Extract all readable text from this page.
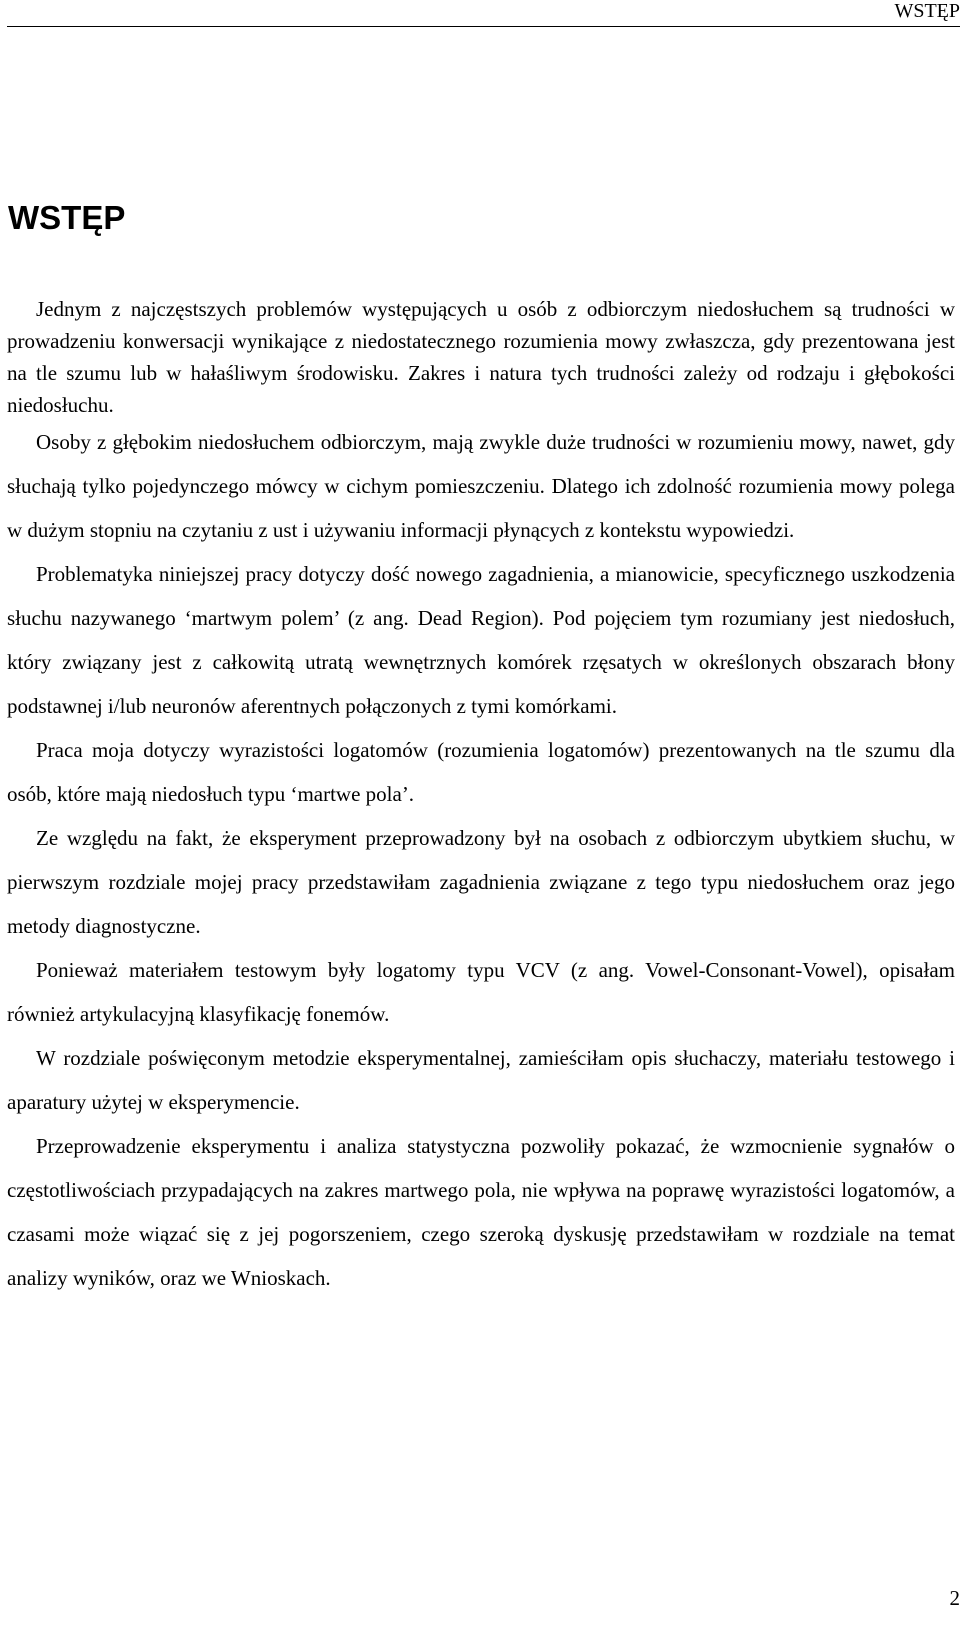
WSTĘP
WSTĘP

Jednym z najczęstszych problemów występujących u osób z odbiorczym niedosłuchem są trudności w prowadzeniu konwersacji wynikające z niedostatecznego rozumienia mowy zwłaszcza, gdy prezentowana jest na tle szumu lub w hałaśliwym środowisku. Zakres i natura tych trudności zależy od rodzaju i głębokości niedosłuchu.

Osoby z głębokim niedosłuchem odbiorczym, mają zwykle duże trudności w rozumieniu mowy, nawet, gdy słuchają tylko pojedynczego mówcy w cichym pomieszczeniu. Dlatego ich zdolność rozumienia mowy polega w dużym stopniu na czytaniu z ust i używaniu informacji płynących z kontekstu wypowiedzi.

Problematyka niniejszej pracy dotyczy dość nowego zagadnienia, a mianowicie, specyficznego uszkodzenia słuchu nazywanego ‘martwym polem’ (z ang. Dead Region). Pod pojęciem tym rozumiany jest niedosłuch, który związany jest z całkowitą utratą wewnętrznych komórek rzęsatych w określonych obszarach błony podstawnej i/lub neuronów aferentnych połączonych z tymi komórkami.

Praca moja dotyczy wyrazistości logatomów (rozumienia logatomów) prezentowanych na tle szumu dla osób, które mają niedosłuch typu ‘martwe pola’.

Ze względu na fakt, że eksperyment przeprowadzony był na osobach z odbiorczym ubytkiem słuchu, w pierwszym rozdziale mojej pracy przedstawiłam zagadnienia związane z tego typu niedosłuchem oraz jego metody diagnostyczne.

Ponieważ materiałem testowym były logatomy typu VCV (z ang. Vowel-Consonant-Vowel), opisałam również artykulacyjną klasyfikację fonemów.

W rozdziale poświęconym metodzie eksperymentalnej, zamieściłam opis słuchaczy, materiału testowego i aparatury użytej w eksperymencie.

Przeprowadzenie eksperymentu i analiza statystyczna pozwoliły pokazać, że wzmocnienie sygnałów o częstotliwościach przypadających na zakres martwego pola, nie wpływa na poprawę wyrazistości logatomów, a czasami może wiązać się z jej pogorszeniem, czego szeroką dyskusję przedstawiłam w rozdziale na temat analizy wyników, oraz we Wnioskach.

2
